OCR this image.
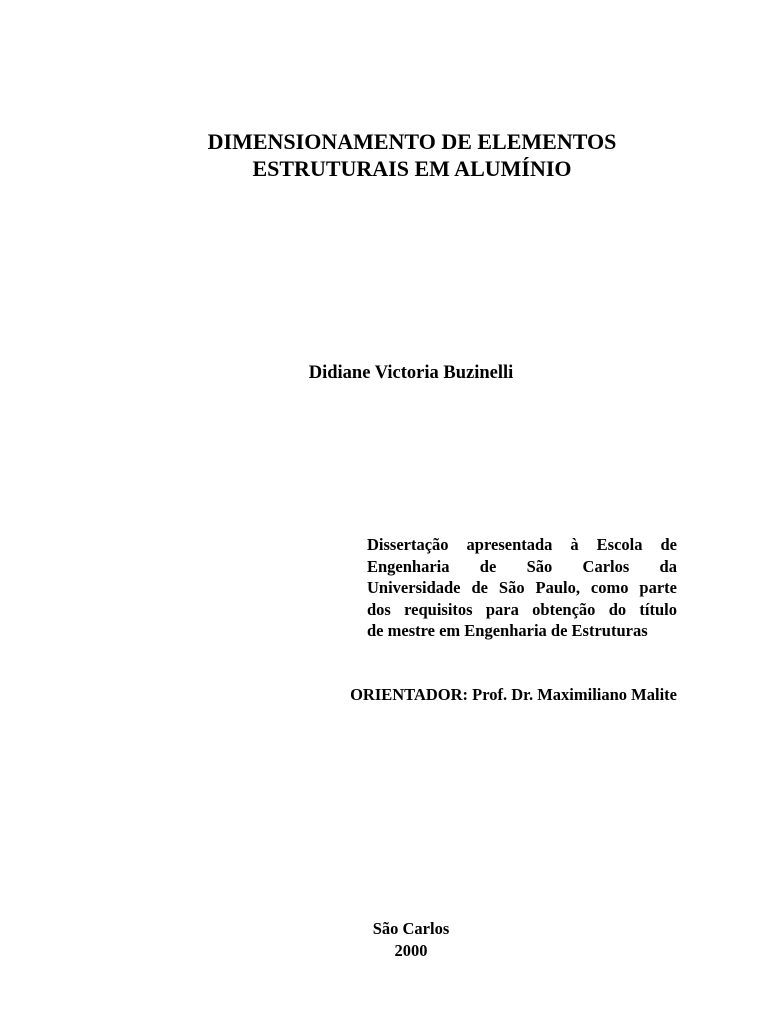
DIMENSIONAMENTO DE ELEMENTOS
ESTRUTURAIS EM ALUMÍNIO
Didiane Victoria Buzinelli
Dissertação apresentada à Escola de
Engenharia de São Carlos da
Universidade de São Paulo, como parte
dos requisitos para obtenção do título
de mestre em Engenharia de Estruturas
ORIENTADOR: Prof. Dr. Maximiliano Malite
São Carlos
2000
